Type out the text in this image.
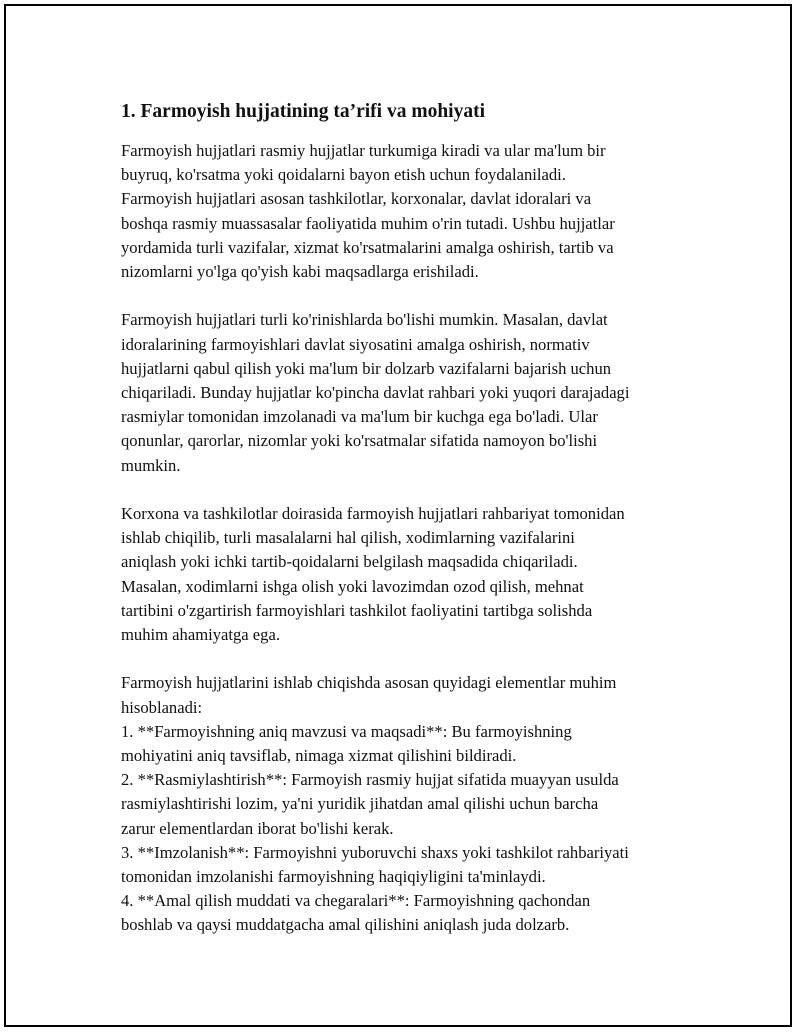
1. Farmoyish hujjatining ta’rifi va mohiyati
Farmoyish hujjatlari rasmiy hujjatlar turkumiga kiradi va ular ma'lum bir
buyruq, ko'rsatma yoki qoidalarni bayon etish uchun foydalaniladi.
Farmoyish hujjatlari asosan tashkilotlar, korxonalar, davlat idoralari va
boshqa rasmiy muassasalar faoliyatida muhim o'rin tutadi. Ushbu hujjatlar
yordamida turli vazifalar, xizmat ko'rsatmalarini amalga oshirish, tartib va
nizomlarni yo'lga qo'yish kabi maqsadlarga erishiladi.
Farmoyish hujjatlari turli ko'rinishlarda bo'lishi mumkin. Masalan, davlat
idoralarining farmoyishlari davlat siyosatini amalga oshirish, normativ
hujjatlarni qabul qilish yoki ma'lum bir dolzarb vazifalarni bajarish uchun
chiqariladi. Bunday hujjatlar ko'pincha davlat rahbari yoki yuqori darajadagi
rasmiylar tomonidan imzolanadi va ma'lum bir kuchga ega bo'ladi. Ular
qonunlar, qarorlar, nizomlar yoki ko'rsatmalar sifatida namoyon bo'lishi
mumkin.
Korxona va tashkilotlar doirasida farmoyish hujjatlari rahbariyat tomonidan
ishlab chiqilib, turli masalalarni hal qilish, xodimlarning vazifalarini
aniqlash yoki ichki tartib-qoidalarni belgilash maqsadida chiqariladi.
Masalan, xodimlarni ishga olish yoki lavozimdan ozod qilish, mehnat
tartibini o'zgartirish farmoyishlari tashkilot faoliyatini tartibga solishda
muhim ahamiyatga ega.
Farmoyish hujjatlarini ishlab chiqishda asosan quyidagi elementlar muhim
hisoblanadi:
1. **Farmoyishning aniq mavzusi va maqsadi**: Bu farmoyishning
mohiyatini aniq tavsiflab, nimaga xizmat qilishini bildiradi.
2. **Rasmiylashtirish**: Farmoyish rasmiy hujjat sifatida muayyan usulda
rasmiylashtirishi lozim, ya'ni yuridik jihatdan amal qilishi uchun barcha
zarur elementlardan iborat bo'lishi kerak.
3. **Imzolanish**: Farmoyishni yuboruvchi shaxs yoki tashkilot rahbariyati
tomonidan imzolanishi farmoyishning haqiqiyligini ta'minlaydi.
4. **Amal qilish muddati va chegaralari**: Farmoyishning qachondan
boshlab va qaysi muddatgacha amal qilishini aniqlash juda dolzarb.
